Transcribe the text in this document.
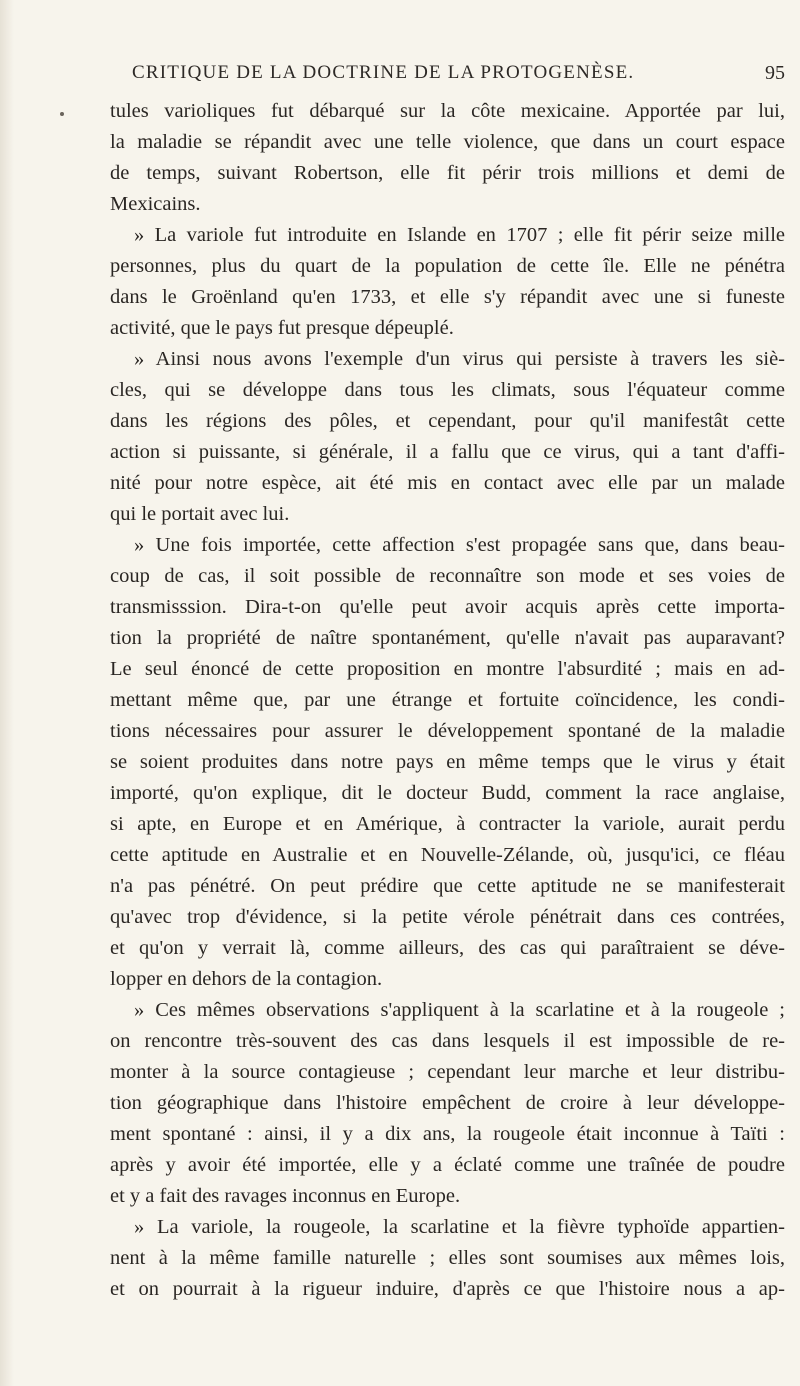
CRITIQUE DE LA DOCTRINE DE LA PROTOGENÈSE.	95
tules varioliques fut débarqué sur la côte mexicaine. Apportée par lui,
la maladie se répandit avec une telle violence, que dans un court espace
de temps, suivant Robertson, elle fit périr trois millions et demi de
Mexicains.
» La variole fut introduite en Islande en 1707 ; elle fit périr seize mille
personnes, plus du quart de la population de cette île. Elle ne pénétra
dans le Groënland qu'en 1733, et elle s'y répandit avec une si funeste
activité, que le pays fut presque dépeuplé.
» Ainsi nous avons l'exemple d'un virus qui persiste à travers les siè-
cles, qui se développe dans tous les climats, sous l'équateur comme
dans les régions des pôles, et cependant, pour qu'il manifestât cette
action si puissante, si générale, il a fallu que ce virus, qui a tant d'affi-
nité pour notre espèce, ait été mis en contact avec elle par un malade
qui le portait avec lui.
» Une fois importée, cette affection s'est propagée sans que, dans beau-
coup de cas, il soit possible de reconnaître son mode et ses voies de
transmisssion. Dira-t-on qu'elle peut avoir acquis après cette importa-
tion la propriété de naître spontanément, qu'elle n'avait pas auparavant?
Le seul énoncé de cette proposition en montre l'absurdité ; mais en ad-
mettant même que, par une étrange et fortuite coïncidence, les condi-
tions nécessaires pour assurer le développement spontané de la maladie
se soient produites dans notre pays en même temps que le virus y était
importé, qu'on explique, dit le docteur Budd, comment la race anglaise,
si apte, en Europe et en Amérique, à contracter la variole, aurait perdu
cette aptitude en Australie et en Nouvelle-Zélande, où, jusqu'ici, ce fléau
n'a pas pénétré. On peut prédire que cette aptitude ne se manifesterait
qu'avec trop d'évidence, si la petite vérole pénétrait dans ces contrées,
et qu'on y verrait là, comme ailleurs, des cas qui paraîtraient se déve-
lopper en dehors de la contagion.
» Ces mêmes observations s'appliquent à la scarlatine et à la rougeole ;
on rencontre très-souvent des cas dans lesquels il est impossible de re-
monter à la source contagieuse ; cependant leur marche et leur distribu-
tion géographique dans l'histoire empêchent de croire à leur développe-
ment spontané : ainsi, il y a dix ans, la rougeole était inconnue à Taïti :
après y avoir été importée, elle y a éclaté comme une traînée de poudre
et y a fait des ravages inconnus en Europe.
» La variole, la rougeole, la scarlatine et la fièvre typhoïde appartien-
nent à la même famille naturelle ; elles sont soumises aux mêmes lois,
et on pourrait à la rigueur induire, d'après ce que l'histoire nous a ap-
